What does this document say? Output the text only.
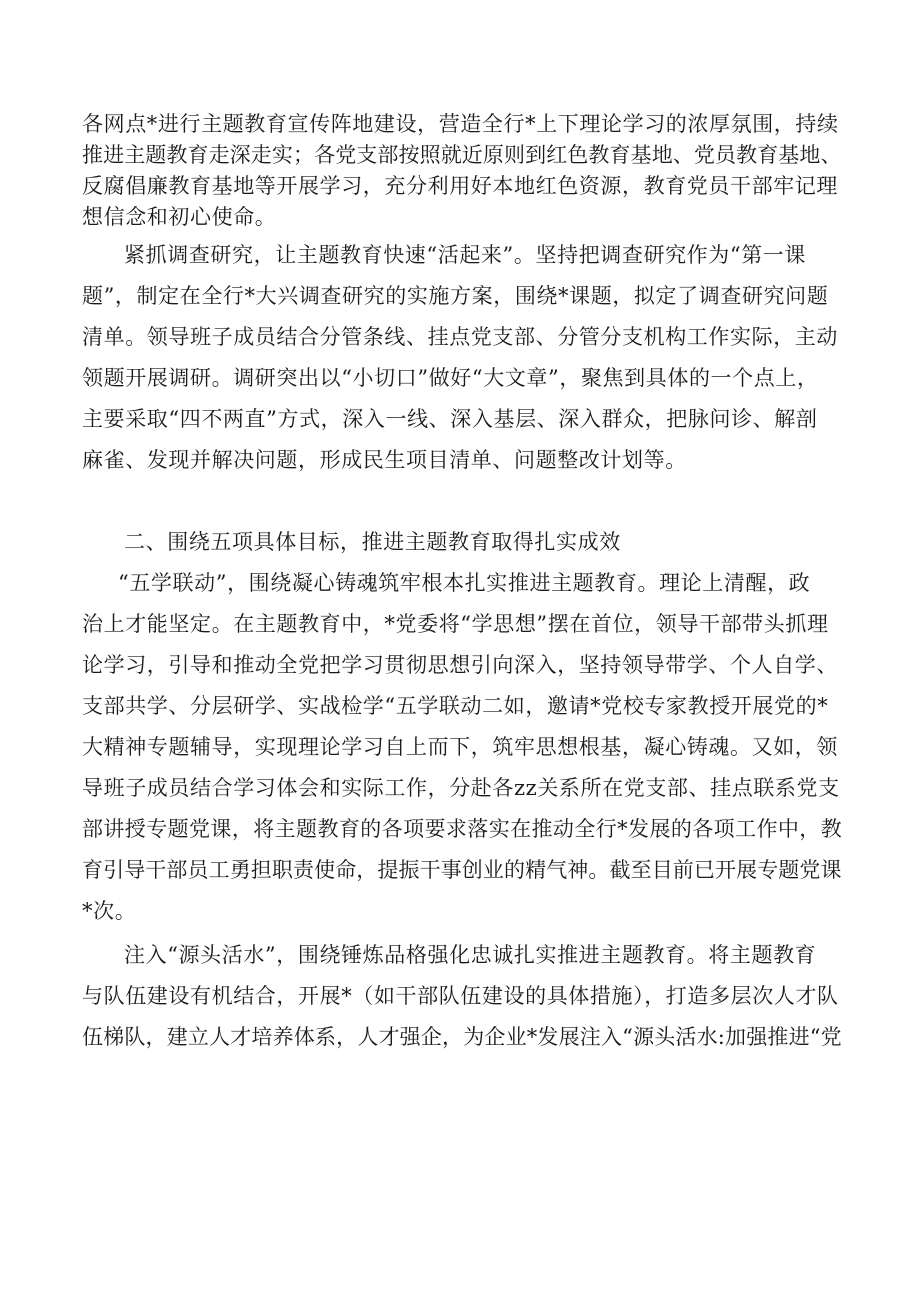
各网点*进行主题教育宣传阵地建设，营造全行*上下理论学习的浓厚氛围，持续
推进主题教育走深走实；各党支部按照就近原则到红色教育基地、党员教育基地、
反腐倡廉教育基地等开展学习，充分利用好本地红色资源，教育党员干部牢记理
想信念和初心使命。
紧抓调查研究，让主题教育快速“活起来”。坚持把调查研究作为“第一课
题”，制定在全行*大兴调查研究的实施方案，围绕*课题，拟定了调查研究问题
清单。领导班子成员结合分管条线、挂点党支部、分管分支机构工作实际，主动
领题开展调研。调研突出以“小切口”做好“大文章”，聚焦到具体的一个点上，
主要采取“四不两直”方式，深入一线、深入基层、深入群众，把脉问诊、解剖
麻雀、发现并解决问题，形成民生项目清单、问题整改计划等。
二、围绕五项具体目标，推进主题教育取得扎实成效
“五学联动”，围绕凝心铸魂筑牢根本扎实推进主题教育。理论上清醒，政
治上才能坚定。在主题教育中，*党委将“学思想”摆在首位，领导干部带头抓理
论学习，引导和推动全党把学习贯彻思想引向深入，坚持领导带学、个人自学、
支部共学、分层研学、实战检学“五学联动二如，邀请*党校专家教授开展党的*
大精神专题辅导，实现理论学习自上而下，筑牢思想根基，凝心铸魂。又如，领
导班子成员结合学习体会和实际工作，分赴各zz关系所在党支部、挂点联系党支
部讲授专题党课，将主题教育的各项要求落实在推动全行*发展的各项工作中，教
育引导干部员工勇担职责使命，提振干事创业的精气神。截至目前已开展专题党课
*次。
注入“源头活水”，围绕锤炼品格强化忠诚扎实推进主题教育。将主题教育
与队伍建设有机结合，开展*（如干部队伍建设的具体措施），打造多层次人才队
伍梯队，建立人才培养体系，人才强企，为企业*发展注入“源头活水:加强推进“党
